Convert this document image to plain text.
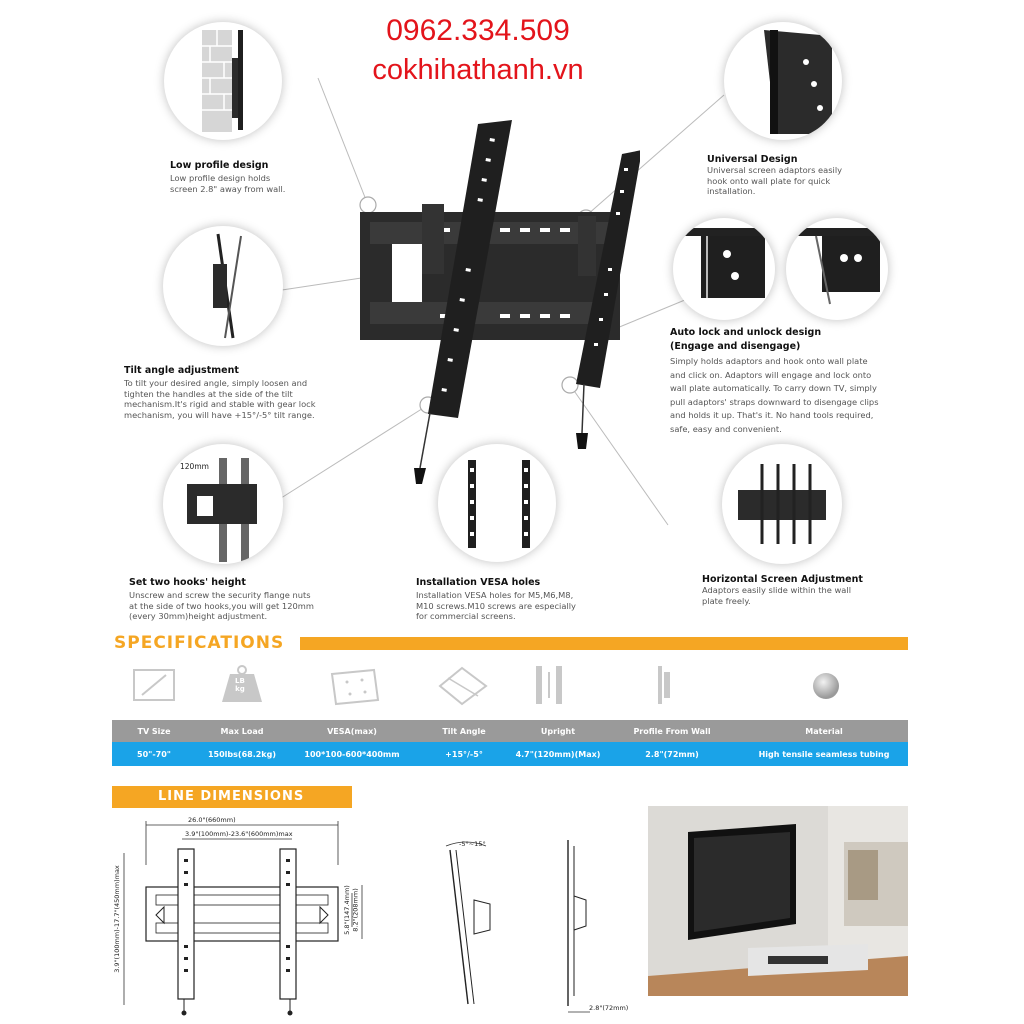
0962.334.509
cokhihathanh.vn
Low profile design
Low profile design holds
screen 2.8" away from wall.
Tilt angle adjustment
To tilt your desired angle, simply loosen and
tighten the handles at the side of the tilt
mechanism.It's rigid and stable with gear lock
mechanism, you will have +15°/-5° tilt range.
120mm
Set two hooks' height
Unscrew and screw the security flange nuts
at the side of two hooks,you will get 120mm
(every 30mm)height adjustment.
Installation VESA holes
Installation VESA holes for M5,M6,M8,
M10 screws.M10 screws are especially
for commercial screens.
Universal Design
Universal screen adaptors easily
hook onto wall plate for quick
installation.
Auto lock and unlock design
(Engage and disengage)
Simply holds adaptors and hook onto wall plate
and click on. Adaptors will engage and lock onto
wall plate automatically. To carry down TV, simply
pull adaptors' straps downward to disengage clips
and holds it up. That's it. No hand tools required,
safe, easy and convenient.
Horizontal Screen Adjustment
Adaptors easily slide within the wall
plate freely.
SPECIFICATIONS
LB
kg
TV Size	Max Load	VESA(max)	Tilt Angle	Upright	Profile From Wall	Material
50"-70"	150lbs(68.2kg)	100*100-600*400mm	+15°/-5°	4.7"(120mm)(Max)	2.8"(72mm)	High tensile seamless tubing
LINE DIMENSIONS
26.0"(660mm)
3.9"(100mm)-23.6"(600mm)max
3.9"(100mm)-17.7"(450mm)max	5.8"(147.4mm) 8.2"(208mm)
-5°~15°
2.8"(72mm)
